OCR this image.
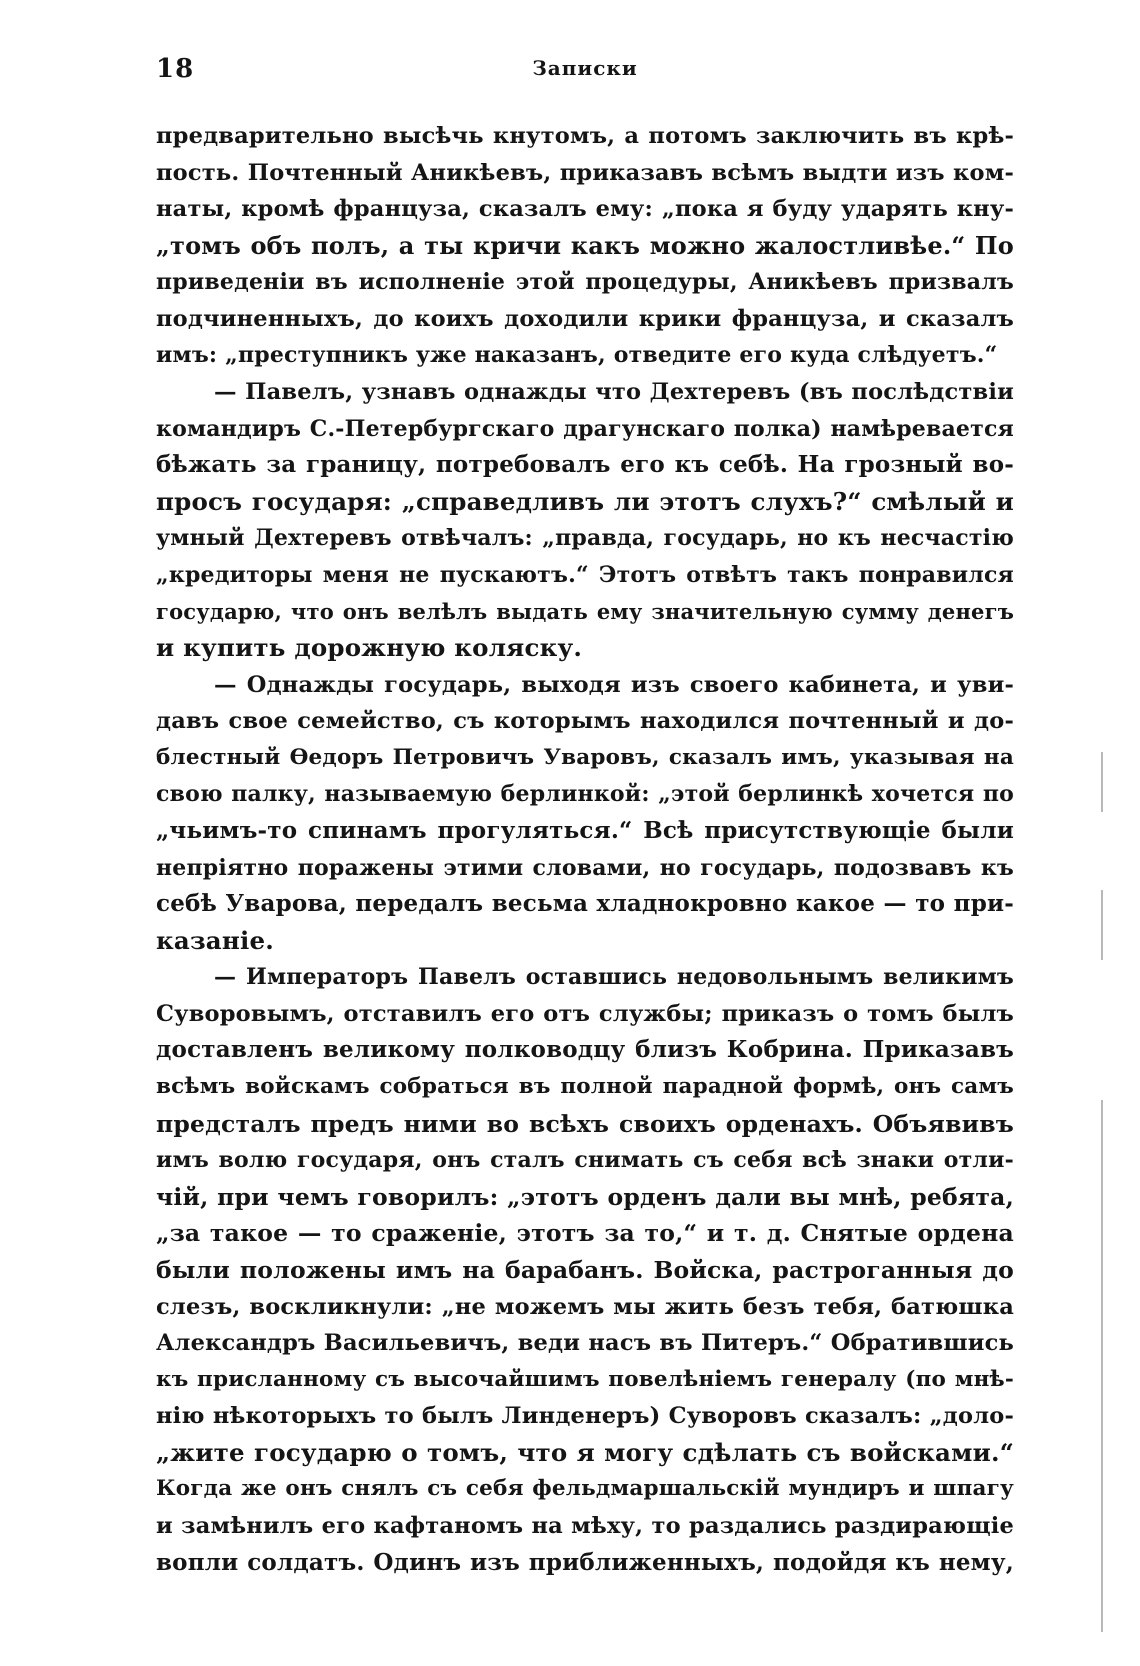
18	Записки
предварительно высѣчь кнутомъ, а потомъ заключить въ крѣ-
пость. Почтенный Аникѣевъ, приказавъ всѣмъ выдти изъ ком-
наты, кромѣ француза, сказалъ ему: „пока я буду ударять кну-
„томъ объ полъ, а ты кричи какъ можно жалостливѣе.“ По
приведеніи въ исполненіе этой процедуры, Аникѣевъ призвалъ
подчиненныхъ, до коихъ доходили крики француза, и сказалъ
имъ: „преступникъ уже наказанъ, отведите его куда слѣдуетъ.“
— Павелъ, узнавъ однажды что Дехтеревъ (въ послѣдствіи
командиръ С.-Петербургскаго драгунскаго полка) намѣревается
бѣжать за границу, потребовалъ его къ себѣ. На грозный во-
просъ государя: „справедливъ ли этотъ слухъ?“ смѣлый и
умный Дехтеревъ отвѣчалъ: „правда, государь, но къ несчастію
„кредиторы меня не пускаютъ.“ Этотъ отвѣтъ такъ понравился
государю, что онъ велѣлъ выдать ему значительную сумму денегъ
и купить дорожную коляску.
— Однажды государь, выходя изъ своего кабинета, и уви-
давъ свое семейство, съ которымъ находился почтенный и до-
блестный Ѳедоръ Петровичъ Уваровъ, сказалъ имъ, указывая на
свою палку, называемую берлинкой: „этой берлинкѣ хочется по
„чьимъ-то спинамъ прогуляться.“ Всѣ присутствующіе были
непріятно поражены этими словами, но государь, подозвавъ къ
себѣ Уварова, передалъ весьма хладнокровно какое — то при-
казаніе.
— Императоръ Павелъ оставшись недовольнымъ великимъ
Суворовымъ, отставилъ его отъ службы; приказъ о томъ былъ
доставленъ великому полководцу близъ Кобрина. Приказавъ
всѣмъ войскамъ собраться въ полной парадной формѣ, онъ самъ
предсталъ предъ ними во всѣхъ своихъ орденахъ. Объявивъ
имъ волю государя, онъ сталъ снимать съ себя всѣ знаки отли-
чій, при чемъ говорилъ: „этотъ орденъ дали вы мнѣ, ребята,
„за такое — то сраженіе, этотъ за то,“ и т. д. Снятые ордена
были положены имъ на барабанъ. Войска, растроганныя до
слезъ, воскликнули: „не можемъ мы жить безъ тебя, батюшка
Александръ Васильевичъ, веди насъ въ Питеръ.“ Обратившись
къ присланному съ высочайшимъ повелѣніемъ генералу (по мнѣ-
нію нѣкоторыхъ то былъ Линденеръ) Суворовъ сказалъ: „доло-
„жите государю о томъ, что я могу сдѣлать съ войсками.“
Когда же онъ снялъ съ себя фельдмаршальскій мундиръ и шпагу
и замѣнилъ его кафтаномъ на мѣху, то раздались раздирающіе
вопли солдатъ. Одинъ изъ приближенныхъ, подойдя къ нему,
